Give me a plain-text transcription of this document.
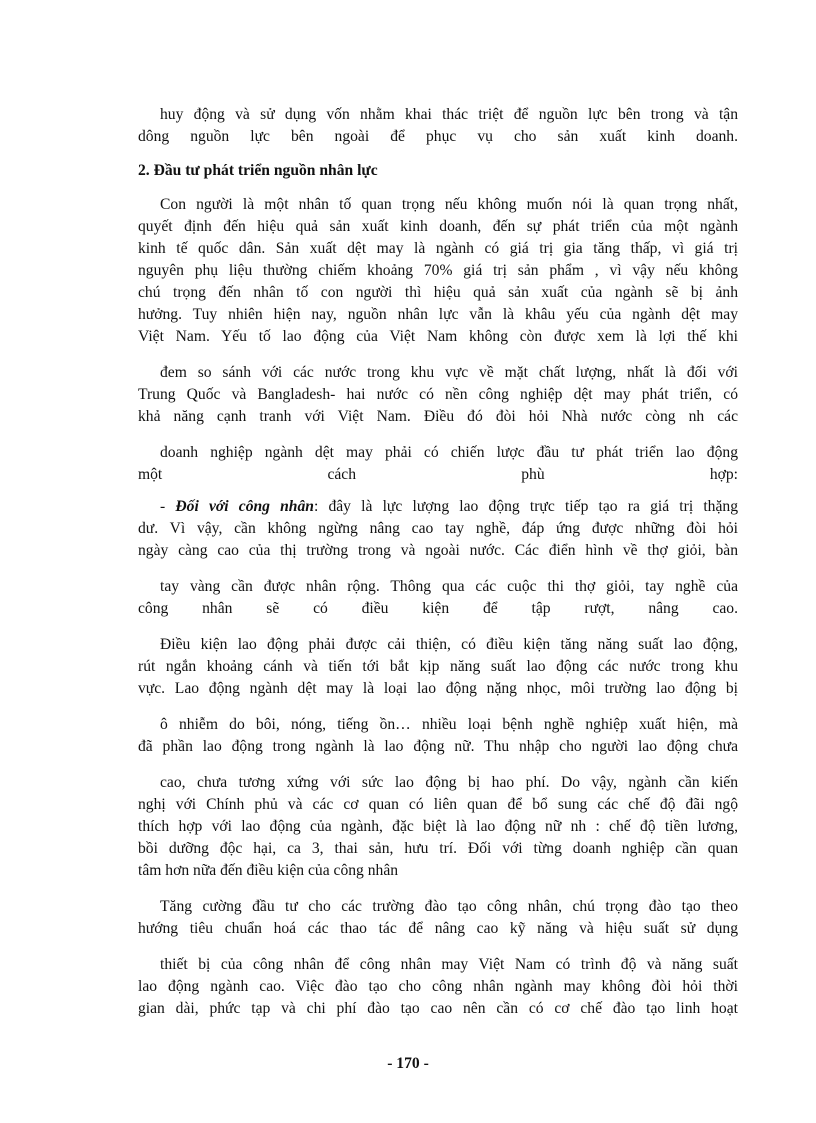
huy động và sử dụng vốn nhằm khai thác triệt để nguồn lực bên trong và tận
dông nguồn lực bên ngoài để phục vụ cho sản xuất kinh doanh.

2. Đầu tư phát triển nguồn nhân lực

Con người là một nhân tố quan trọng nếu không muốn nói là quan trọng nhất,
quyết định đến hiệu quả sản xuất kinh doanh, đến sự phát triển của một ngành
kinh tế quốc dân. Sản xuất dệt may là ngành có giá trị gia tăng thấp, vì giá trị
nguyên phụ liệu thường chiếm khoảng 70% giá trị sản phẩm , vì vậy nếu không
chú trọng đến nhân tố con người thì hiệu quả sản xuất của ngành sẽ bị ảnh
hưởng. Tuy nhiên hiện nay, nguồn nhân lực vẫn là khâu yếu của ngành dệt may
Việt Nam. Yếu tố lao động của Việt Nam không còn được xem là lợi thế khi

đem so sánh với các nước trong khu vực về mặt chất lượng, nhất là đối với
Trung Quốc và Bangladesh- hai nước có nền công nghiệp dệt may phát triển, có
khả năng cạnh tranh với Việt Nam. Điều đó đòi hỏi Nhà nước còng nh các

doanh nghiệp ngành dệt may phải có chiến lược đầu tư phát triển lao động
một cách phù hợp:

- Đối với công nhân: đây là lực lượng lao động trực tiếp tạo ra giá trị thặng
dư. Vì vậy, cần không ngừng nâng cao tay nghề, đáp ứng được những đòi hỏi
ngày càng cao của thị trường trong và ngoài nước. Các điển hình về thợ giỏi, bàn

tay vàng cần được nhân rộng. Thông qua các cuộc thi thợ giỏi, tay nghề của
công nhân sẽ có điều kiện để tập rượt, nâng cao.

Điều kiện lao động phải được cải thiện, có điều kiện tăng năng suất lao động,
rút ngắn khoảng cánh và tiến tới bắt kịp năng suất lao động các nước trong khu
vực. Lao động ngành dệt may là loại lao động nặng nhọc, môi trường lao động bị

ô nhiễm do bôi, nóng, tiếng ồn… nhiều loại bệnh nghề nghiệp xuất hiện, mà
đã phần lao động trong ngành là lao động nữ. Thu nhập cho người lao động chưa

cao, chưa tương xứng với sức lao động bị hao phí. Do vậy, ngành cần kiến
nghị với Chính phủ và các cơ quan có liên quan để bổ sung các chế độ đãi ngộ
thích hợp với lao động của ngành, đặc biệt là lao động nữ nh : chế độ tiền lương,
bồi dưỡng độc hại, ca 3, thai sản, hưu trí. Đối với từng doanh nghiệp cần quan
tâm hơn nữa đến điều kiện của công nhân

Tăng cường đầu tư cho các trường đào tạo công nhân, chú trọng đào tạo theo
hướng tiêu chuẩn hoá các thao tác để nâng cao kỹ năng và hiệu suất sử dụng

thiết bị của công nhân để công nhân may Việt Nam có trình độ và năng suất
lao động ngành cao. Việc đào tạo cho công nhân ngành may không đòi hỏi thời
gian dài, phức tạp và chi phí đào tạo cao nên cần có cơ chế đào tạo linh hoạt

- 170 -
